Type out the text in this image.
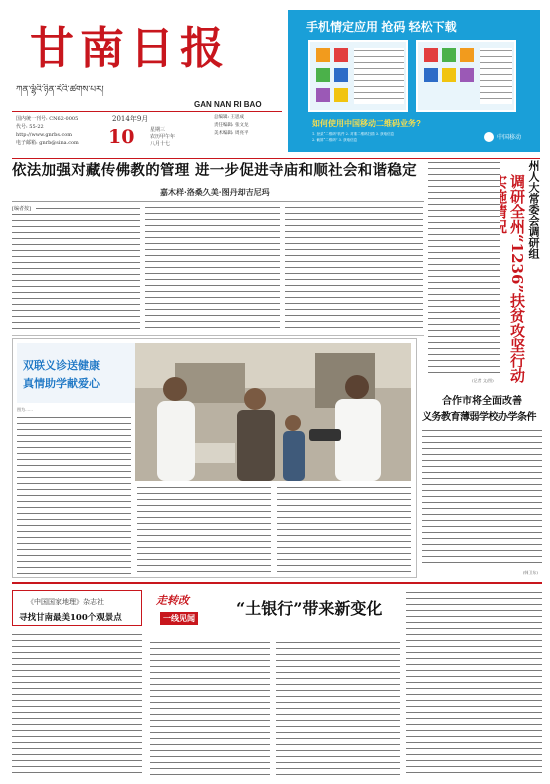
甘南日报
ཀན་ལྷོའི་ཉིན་རེའི་ཚགས་པར།
GAN NAN RI BAO
国内统一刊号: CN62-0005
代号: 55-22
http://www.gnrbs.com
电子邮箱: gnrb@sina.com
2014年9月
10	星期三
农历甲午年
八月十七
总编辑: 王思成
责任编辑: 张文龙
美术编辑: 周亮平
手机情定应用 抢码 轻松下载
如何使用中国移动二维码业务?
1. 登录“二维码”软件 2. 对准二维码扫描 3. 获取信息
2. 截屏“二维码” 3. 获取信息	中国移动
依法加强对藏传佛教的管理 进一步促进寺庙和顺社会和谐稳定
嘉木样·洛桑久美·图丹却吉尼玛
[编者按]	州人大常委会调研组
调研全州“1236”扶贫攻坚行动
(记者 文/图)
双联义诊送健康
真情助学献爱心
图为……
合作市将全面改善
义务教育薄弱学校办学条件
(韩卫东)
《中国国家地理》杂志社
寻找甘南最美100个观景点
走转改
一线见闻	“土银行”带来新变化
